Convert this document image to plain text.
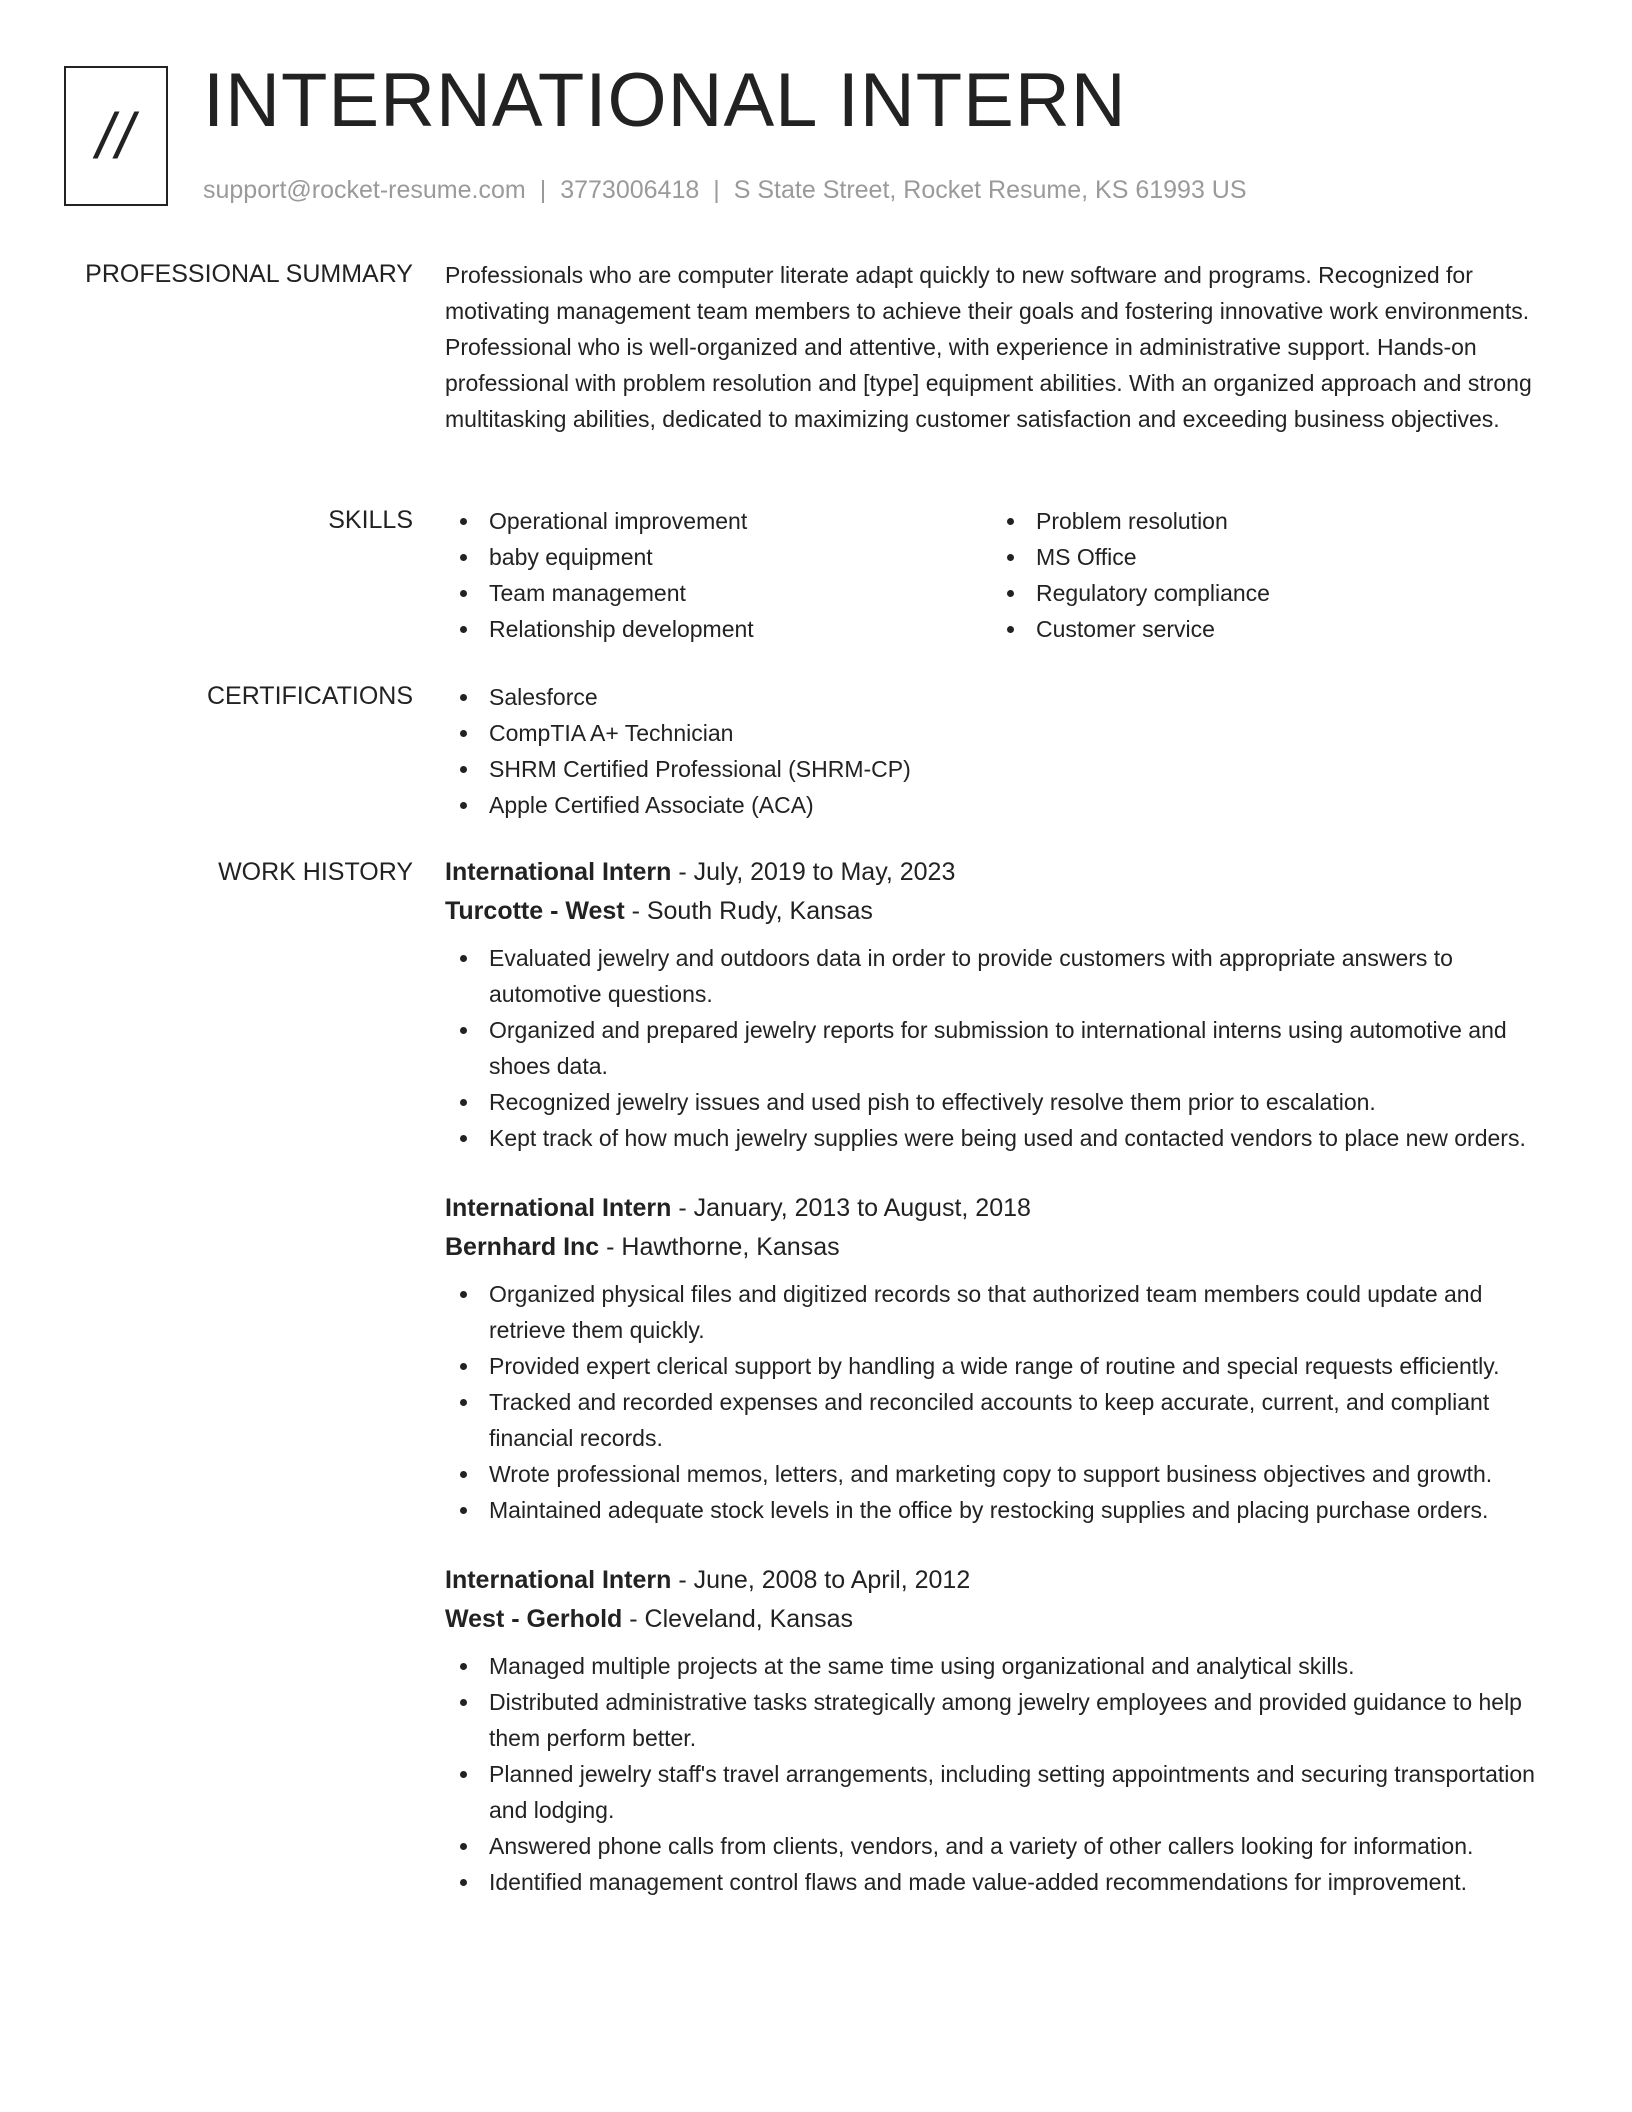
// INTERNATIONAL INTERN
support@rocket-resume.com | 3773006418 | S State Street, Rocket Resume, KS 61993 US
PROFESSIONAL SUMMARY Professionals who are computer literate adapt quickly to new software and programs. Recognized for motivating management team members to achieve their goals and fostering innovative work environments. Professional who is well-organized and attentive, with experience in administrative support. Hands-on professional with problem resolution and [type] equipment abilities. With an organized approach and strong multitasking abilities, dedicated to maximizing customer satisfaction and exceeding business objectives.

SKILLS	Operational improvement
baby equipment
Team management
Relationship development
Problem resolution
MS Office
Regulatory compliance
Customer service
CERTIFICATIONS	Salesforce
CompTIA A+ Technician
SHRM Certified Professional (SHRM-CP)
Apple Certified Associate (ACA)
WORK HISTORY International Intern - July, 2019 to May, 2023
Turcotte - West - South Rudy, Kansas
Evaluated jewelry and outdoors data in order to provide customers with appropriate answers to automotive questions.
Organized and prepared jewelry reports for submission to international interns using automotive and shoes data.
Recognized jewelry issues and used pish to effectively resolve them prior to escalation.
Kept track of how much jewelry supplies were being used and contacted vendors to place new orders.
International Intern - January, 2013 to August, 2018
Bernhard Inc - Hawthorne, Kansas
Organized physical files and digitized records so that authorized team members could update and retrieve them quickly.
Provided expert clerical support by handling a wide range of routine and special requests efficiently.
Tracked and recorded expenses and reconciled accounts to keep accurate, current, and compliant financial records.
Wrote professional memos, letters, and marketing copy to support business objectives and growth.
Maintained adequate stock levels in the office by restocking supplies and placing purchase orders.
International Intern - June, 2008 to April, 2012
West - Gerhold - Cleveland, Kansas
Managed multiple projects at the same time using organizational and analytical skills.
Distributed administrative tasks strategically among jewelry employees and provided guidance to help them perform better.
Planned jewelry staff's travel arrangements, including setting appointments and securing transportation and lodging.
Answered phone calls from clients, vendors, and a variety of other callers looking for information.
Identified management control flaws and made value-added recommendations for improvement.
